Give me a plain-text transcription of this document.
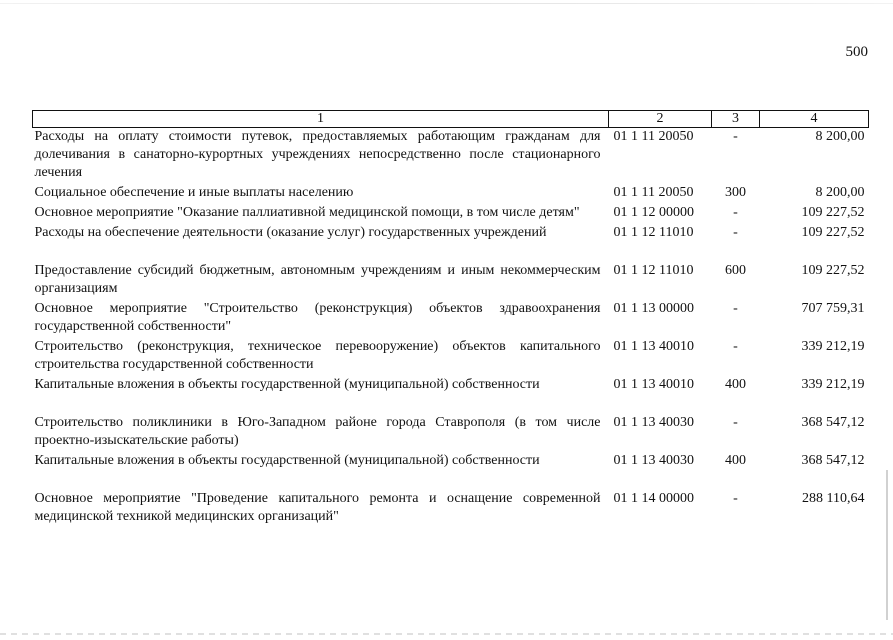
500
1	2	3	4
Расходы на оплату стоимости путевок, предоставляемых работающим гражданам для долечивания в санаторно-курортных учреждениях непосредственно после стационарного лечения	01 1 11 20050	-	8 200,00
Социальное обеспечение и иные выплаты населению	01 1 11 20050	300	8 200,00
Основное мероприятие "Оказание паллиативной медицинской помощи, в том числе детям"	01 1 12 00000	-	109 227,52
Расходы на обеспечение деятельности (оказание услуг) государственных учреждений	01 1 12 11010	-	109 227,52
Предоставление субсидий бюджетным, автономным учреждениям и иным некоммерческим организациям	01 1 12 11010	600	109 227,52
Основное мероприятие "Строительство (реконструкция) объектов здравоохранения государственной собственности"	01 1 13 00000	-	707 759,31
Строительство (реконструкция, техническое перевооружение) объектов капитального строительства государственной собственности	01 1 13 40010	-	339 212,19
Капитальные вложения в объекты государственной (муниципальной) собственности	01 1 13 40010	400	339 212,19
Строительство поликлиники в Юго-Западном районе города Ставрополя (в том числе проектно-изыскательские работы)	01 1 13 40030	-	368 547,12
Капитальные вложения в объекты государственной (муниципальной) собственности	01 1 13 40030	400	368 547,12
Основное мероприятие "Проведение капитального ремонта и оснащение современной медицинской техникой медицинских организаций"	01 1 14 00000	-	288 110,64
